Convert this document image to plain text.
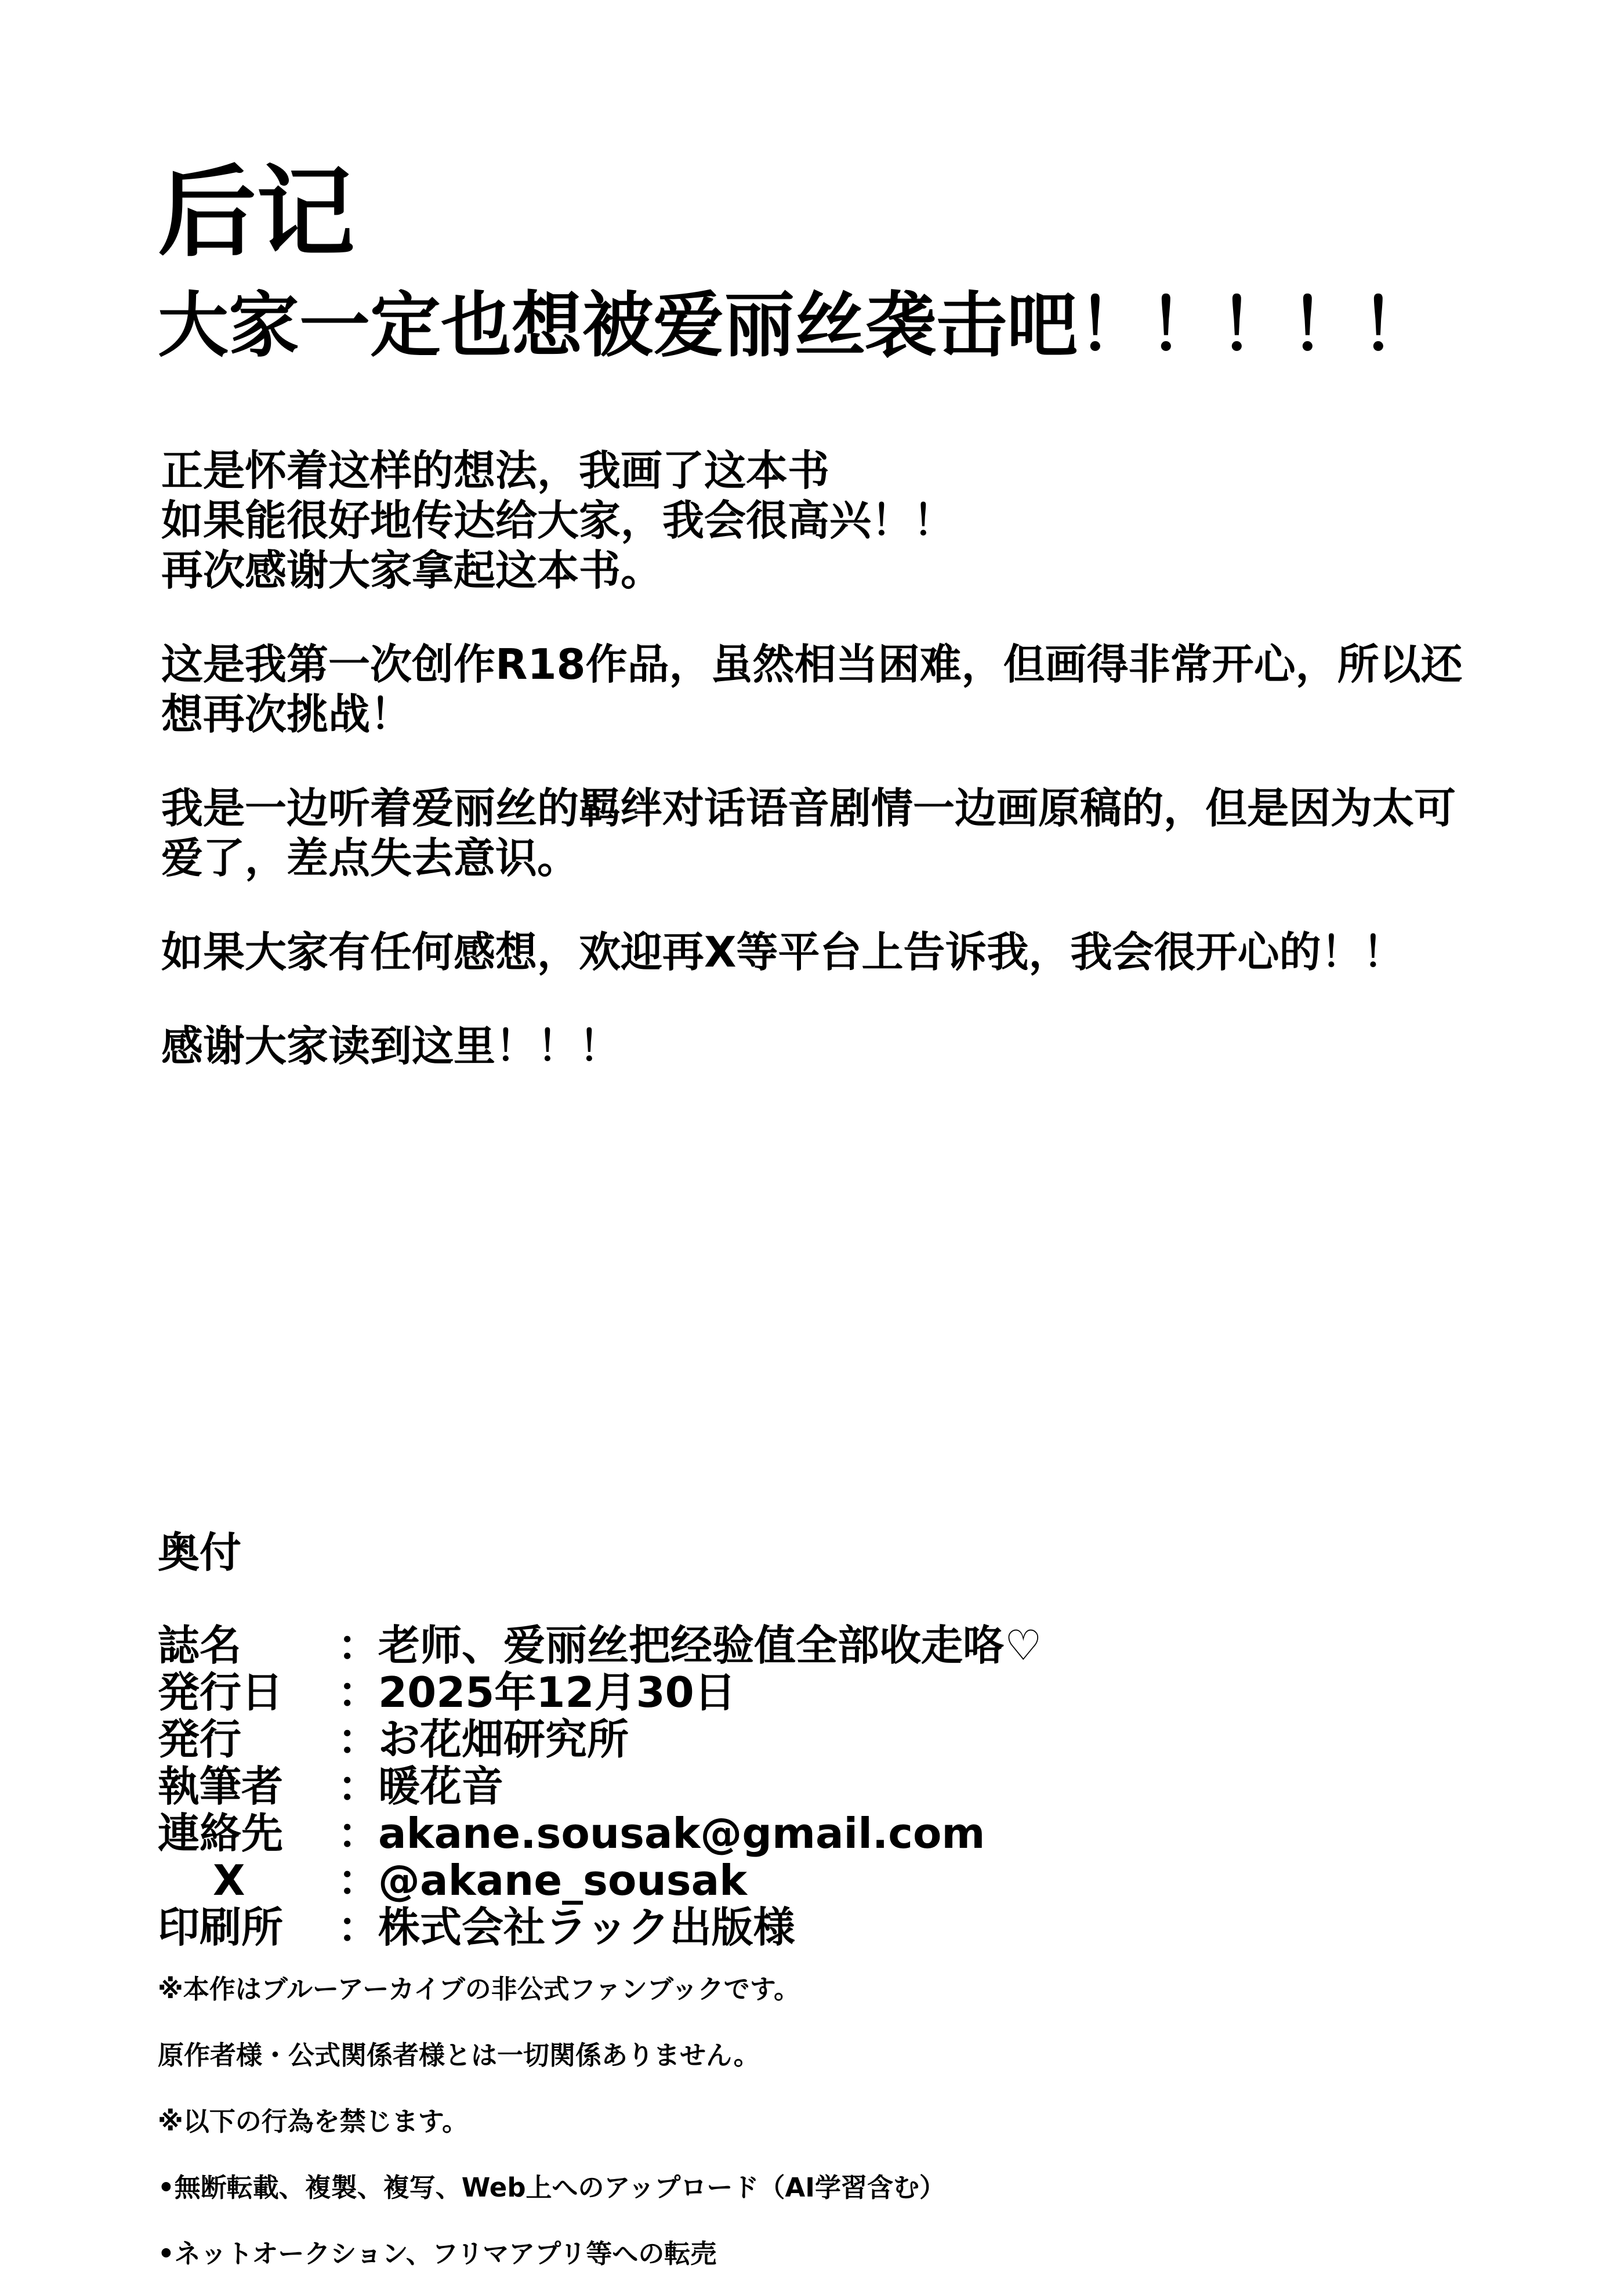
后记
大家一定也想被爱丽丝袭击吧！！！！！

正是怀着这样的想法，我画了这本书
如果能很好地传达给大家，我会很高兴！！
再次感谢大家拿起这本书。

这是我第一次创作R18作品，虽然相当困难，但画得非常开心，所以还
想再次挑战！

我是一边听着爱丽丝的羁绊对话语音剧情一边画原稿的，但是因为太可
爱了，差点失去意识。

如果大家有任何感想，欢迎再X等平台上告诉我，我会很开心的！！

感谢大家读到这里！！！

奥付
誌名	：
老师、爱丽丝把经验值全部收走咯♡
発行日	：
2025年12月30日
発行	：
お花畑研究所
執筆者	：
暖花音
連絡先	：
akane.sousak@gmail.com
X	：
@akane_sousak
印刷所	：
株式会社ラック出版様
※本作はブルーアーカイブの非公式ファンブックです。

原作者様・公式関係者様とは一切関係ありません。

※以下の行為を禁じます。

•無断転載、複製、複写、Web上へのアップロード（AI学習含む）

•ネットオークション、フリマアプリ等への転売
